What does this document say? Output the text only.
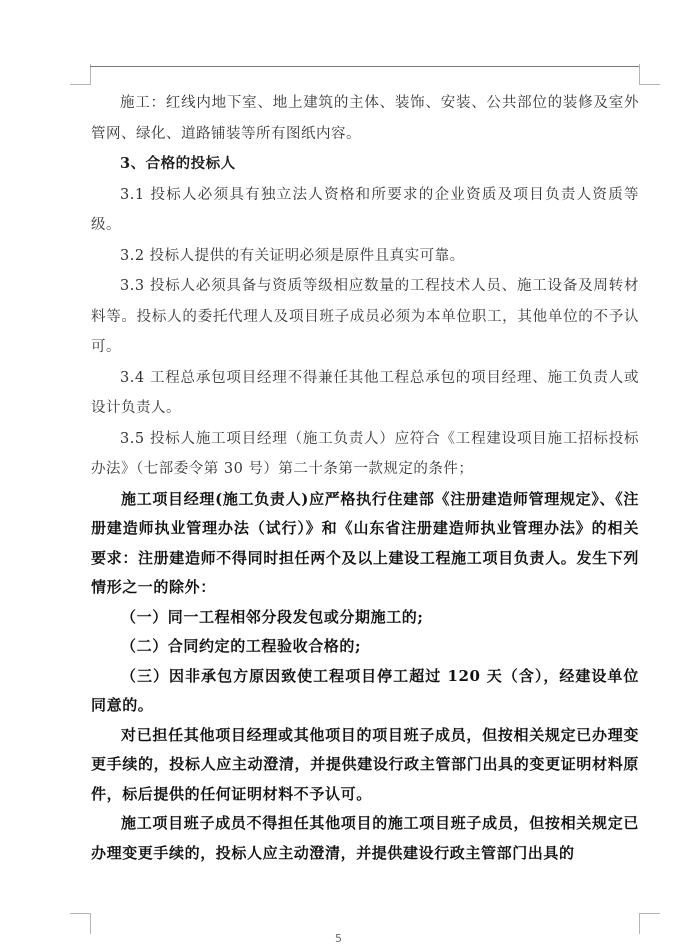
施工：红线内地下室、地上建筑的主体、装饰、安装、公共部位的装修及室外管网、绿化、道路铺装等所有图纸内容。

3、合格的投标人

3.1 投标人必须具有独立法人资格和所要求的企业资质及项目负责人资质等级。

3.2 投标人提供的有关证明必须是原件且真实可靠。

3.3 投标人必须具备与资质等级相应数量的工程技术人员、施工设备及周转材料等。投标人的委托代理人及项目班子成员必须为本单位职工，其他单位的不予认可。

3.4 工程总承包项目经理不得兼任其他工程总承包的项目经理、施工负责人或设计负责人。

3.5 投标人施工项目经理（施工负责人）应符合《工程建设项目施工招标投标办法》（七部委令第 30 号）第二十条第一款规定的条件；

施工项目经理(施工负责人)应严格执行住建部《注册建造师管理规定》、《注册建造师执业管理办法（试行）》和《山东省注册建造师执业管理办法》的相关要求：注册建造师不得同时担任两个及以上建设工程施工项目负责人。发生下列情形之一的除外：

（一）同一工程相邻分段发包或分期施工的;

（二）合同约定的工程验收合格的;

（三）因非承包方原因致使工程项目停工超过 120 天（含），经建设单位同意的。

对已担任其他项目经理或其他项目的项目班子成员，但按相关规定已办理变更手续的，投标人应主动澄清，并提供建设行政主管部门出具的变更证明材料原件，标后提供的任何证明材料不予认可。

施工项目班子成员不得担任其他项目的施工项目班子成员，但按相关规定已办理变更手续的，投标人应主动澄清，并提供建设行政主管部门出具的

5
